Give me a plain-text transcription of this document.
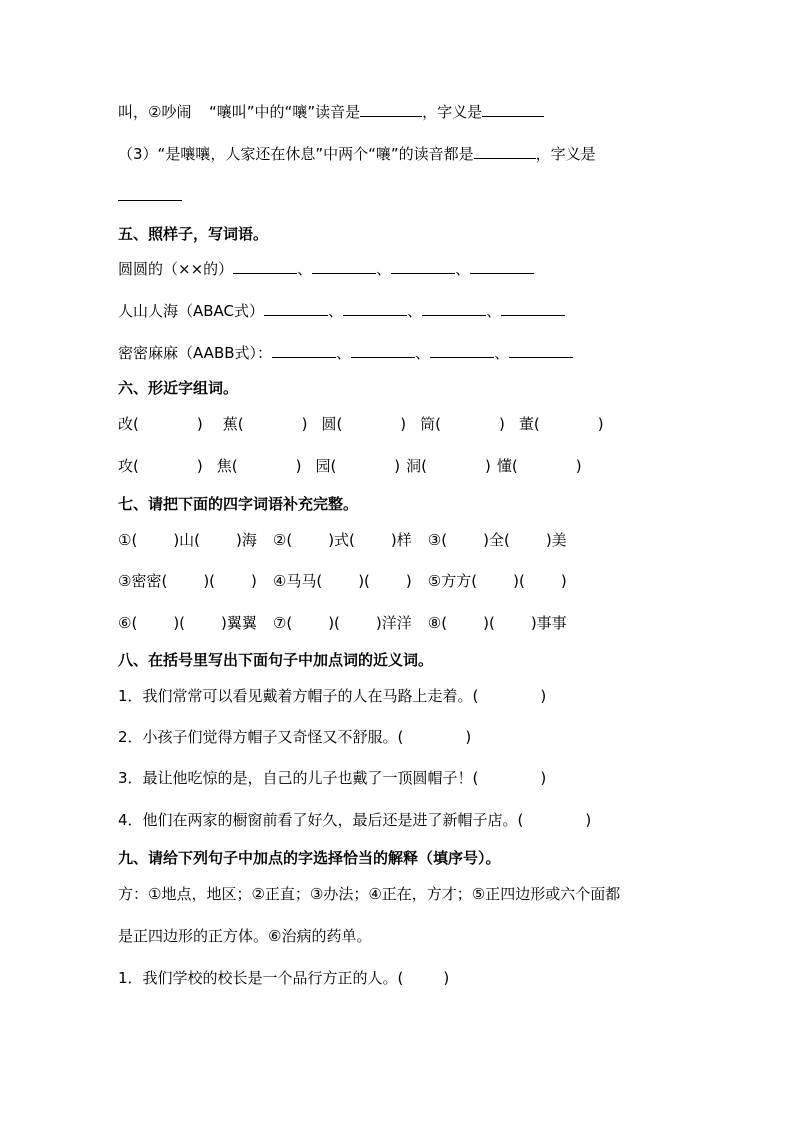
叫，②吵闹 “嚷叫”中的“嚷”读音是	，字义是
（3）“是嚷嚷，人家还在休息”中两个“嚷”的读音都是	，字义是
五、照样子，写词语。
圆圆的（××的）	、	、	、
人山人海（ABAC式）	、	、	、
密密麻麻（AABB式）：	、	、	、
六、形近字组词。
改(	) 蕉(	) 圆(	) 筒(	) 董(	)
攻(	) 焦(	) 园(	) 洞(	) 懂(	)
七、请把下面的四字词语补充完整。
①( )山( )海 ②( )式( )样 ③( )全( )美
③密密( )( ) ④马马( )( ) ⑤方方( )( )
⑥( )( )翼翼 ⑦( )( )洋洋 ⑧( )( )事事
八、在括号里写出下面句子中加点词的近义词。
1．我们常常可以看见戴着方帽子的人在马路上走着。(	)
2．小孩子们觉得方帽子又奇怪又不舒服。(	)
3．最让他吃惊的是，自己的儿子也戴了一顶圆帽子！(	)
4．他们在两家的橱窗前看了好久，最后还是进了新帽子店。(	)
九、请给下列句子中加点的字选择恰当的解释（填序号）。
方：①地点，地区；②正直；③办法；④正在，方才；⑤正四边形或六个面都
是正四边形的正方体。⑥治病的药单。
1．我们学校的校长是一个品行方正的人。(	)
